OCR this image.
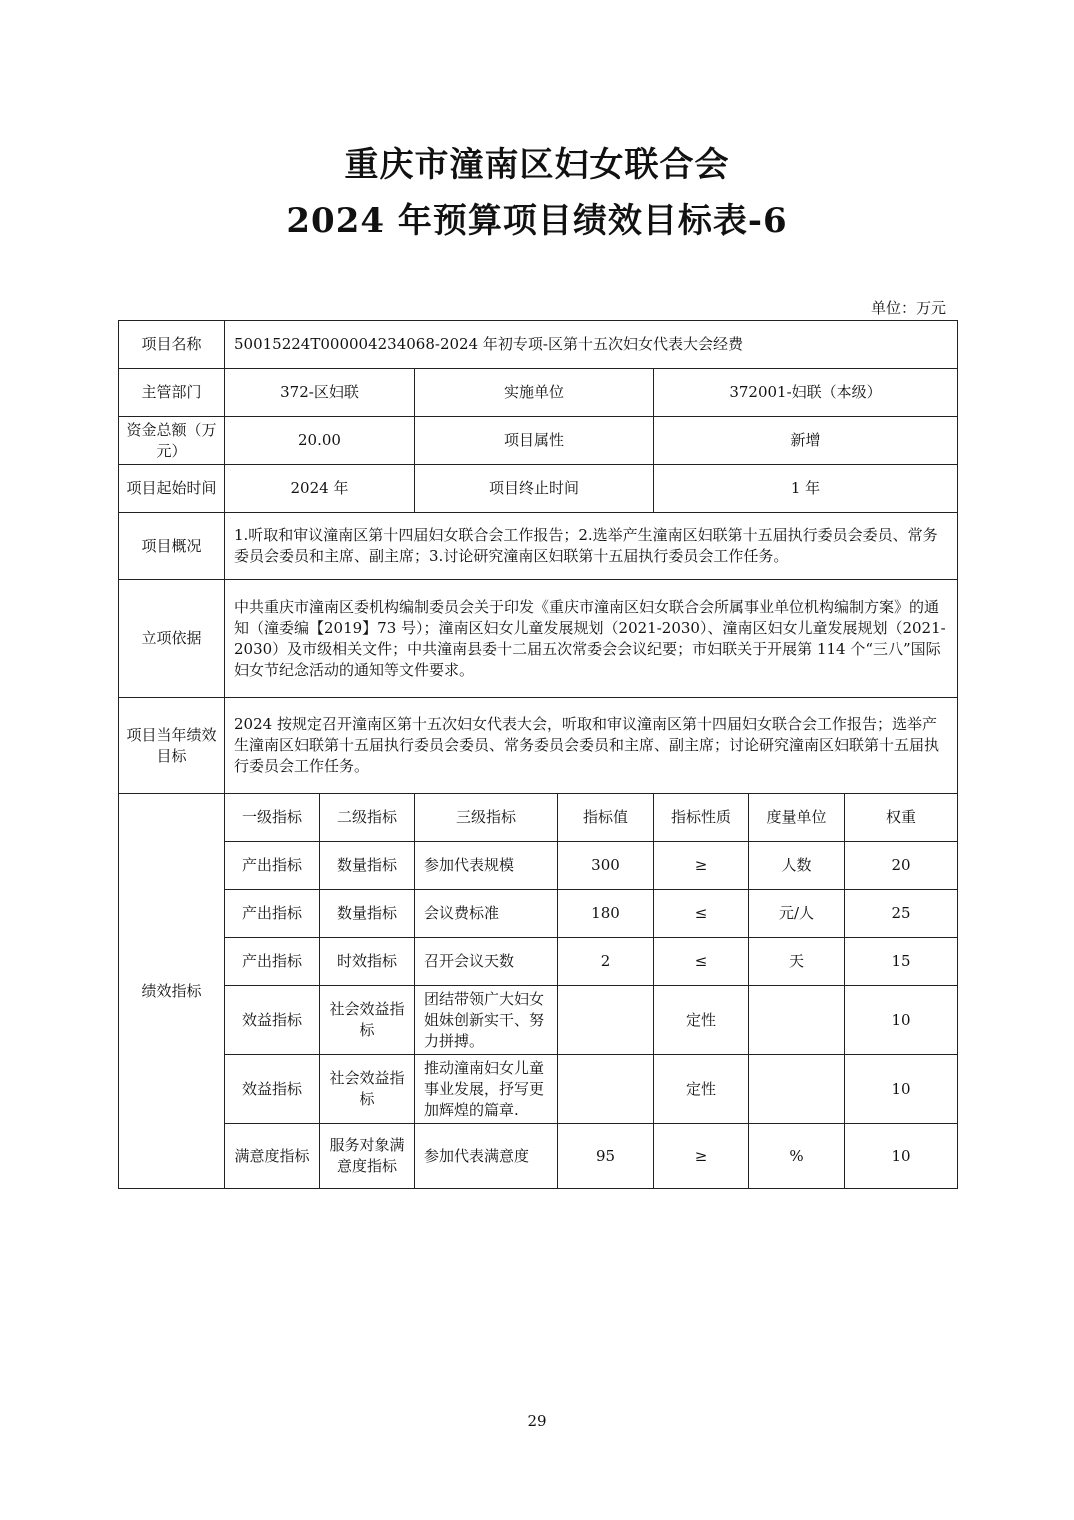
重庆市潼南区妇女联合会
2024 年预算项目绩效目标表-6
单位：万元
项目名称	50015224T000004234068-2024 年初专项-区第十五次妇女代表大会经费						
主管部门	372-区妇联		实施单位		372001-妇联（本级）		
资金总额（万元）	20.00		项目属性		新增		
项目起始时间	2024 年		项目终止时间		1 年		
项目概况	1.听取和审议潼南区第十四届妇女联合会工作报告；2.选举产生潼南区妇联第十五届执行委员会委员、常务委员会委员和主席、副主席；3.讨论研究潼南区妇联第十五届执行委员会工作任务。						
立项依据	中共重庆市潼南区委机构编制委员会关于印发《重庆市潼南区妇女联合会所属事业单位机构编制方案》的通知（潼委编【2019】73 号）；潼南区妇女儿童发展规划（2021-2030）、潼南区妇女儿童发展规划（2021-2030）及市级相关文件；中共潼南县委十二届五次常委会会议纪要；市妇联关于开展第 114 个“三八”国际妇女节纪念活动的通知等文件要求。						
项目当年绩效目标	2024 按规定召开潼南区第十五次妇女代表大会，听取和审议潼南区第十四届妇女联合会工作报告；选举产生潼南区妇联第十五届执行委员会委员、常务委员会委员和主席、副主席；讨论研究潼南区妇联第十五届执行委员会工作任务。						
绩效指标	一级指标	二级指标	三级指标	指标值	指标性质	度量单位	权重
	产出指标	数量指标	参加代表规模	300	≥	人数	20
	产出指标	数量指标	会议费标准	180	≤	元/人	25
	产出指标	时效指标	召开会议天数	2	≤	天	15
	效益指标	社会效益指标	团结带领广大妇女姐妹创新实干、努力拼搏。		定性		10
	效益指标	社会效益指标	推动潼南妇女儿童事业发展，抒写更加辉煌的篇章.		定性		10
	满意度指标	服务对象满意度指标	参加代表满意度	95	≥	%	10
29
